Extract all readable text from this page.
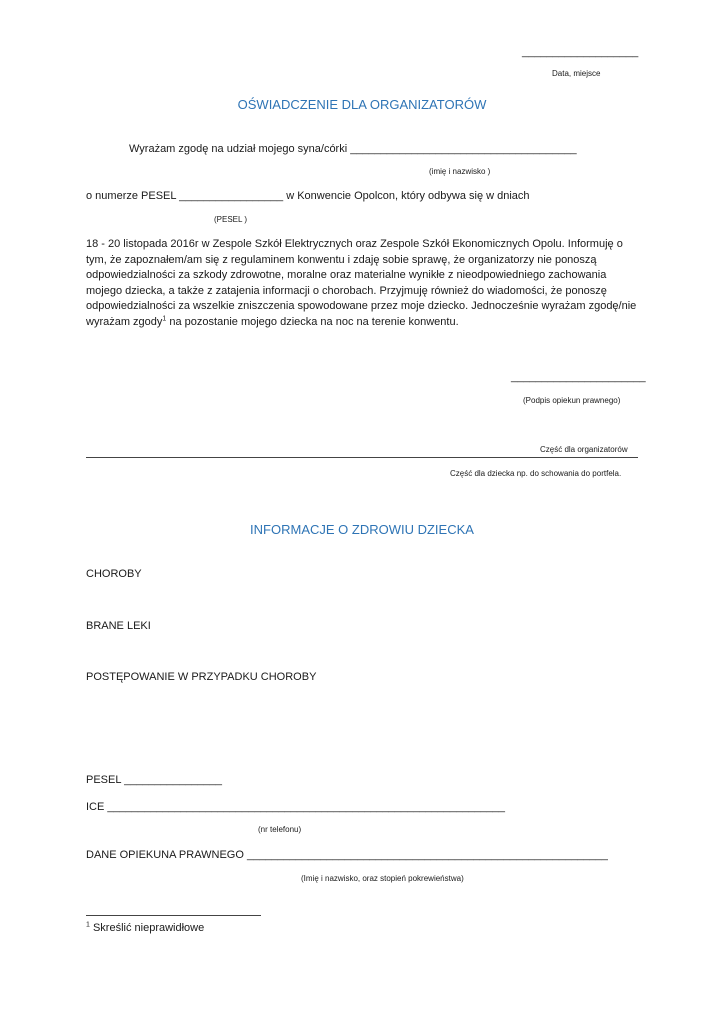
___________________
Data, miejsce
OŚWIADCZENIE DLA ORGANIZATORÓW
Wyrażam zgodę na udział mojego syna/córki _____________________________________
(imię i nazwisko )
o numerze PESEL _________________ w Konwencie Opolcon, który odbywa się w dniach
(PESEL )
18 - 20 listopada 2016r w Zespole Szkół Elektrycznych oraz Zespole Szkół Ekonomicznych Opolu. Informuję o tym, że zapoznałem/am się z regulaminem konwentu i zdaję sobie sprawę, że organizatorzy nie ponoszą odpowiedzialności za szkody zdrowotne, moralne oraz materialne wynikłe z nieodpowiedniego zachowania mojego dziecka, a także z zatajenia informacji o chorobach. Przyjmuję również do wiadomości, że ponoszę odpowiedzialności za wszelkie zniszczenia spowodowane przez moje dziecko. Jednocześnie wyrażam zgodę/nie wyrażam zgody$^1$ na pozostanie mojego dziecka na noc na terenie konwentu.
______________________
(Podpis opiekun prawnego)
Część dla organizatorów
Część dla dziecka np. do schowania do portfela.
INFORMACJE O ZDROWIU DZIECKA
CHOROBY
BRANE LEKI
POSTĘPOWANIE W PRZYPADKU CHOROBY
PESEL ________________
ICE _________________________________________________________________
(nr telefonu)
DANE OPIEKUNA PRAWNEGO ___________________________________________________________
(Imię i nazwisko, oraz stopień pokrewieństwa)
$^1$ Skreślić nieprawidłowe
